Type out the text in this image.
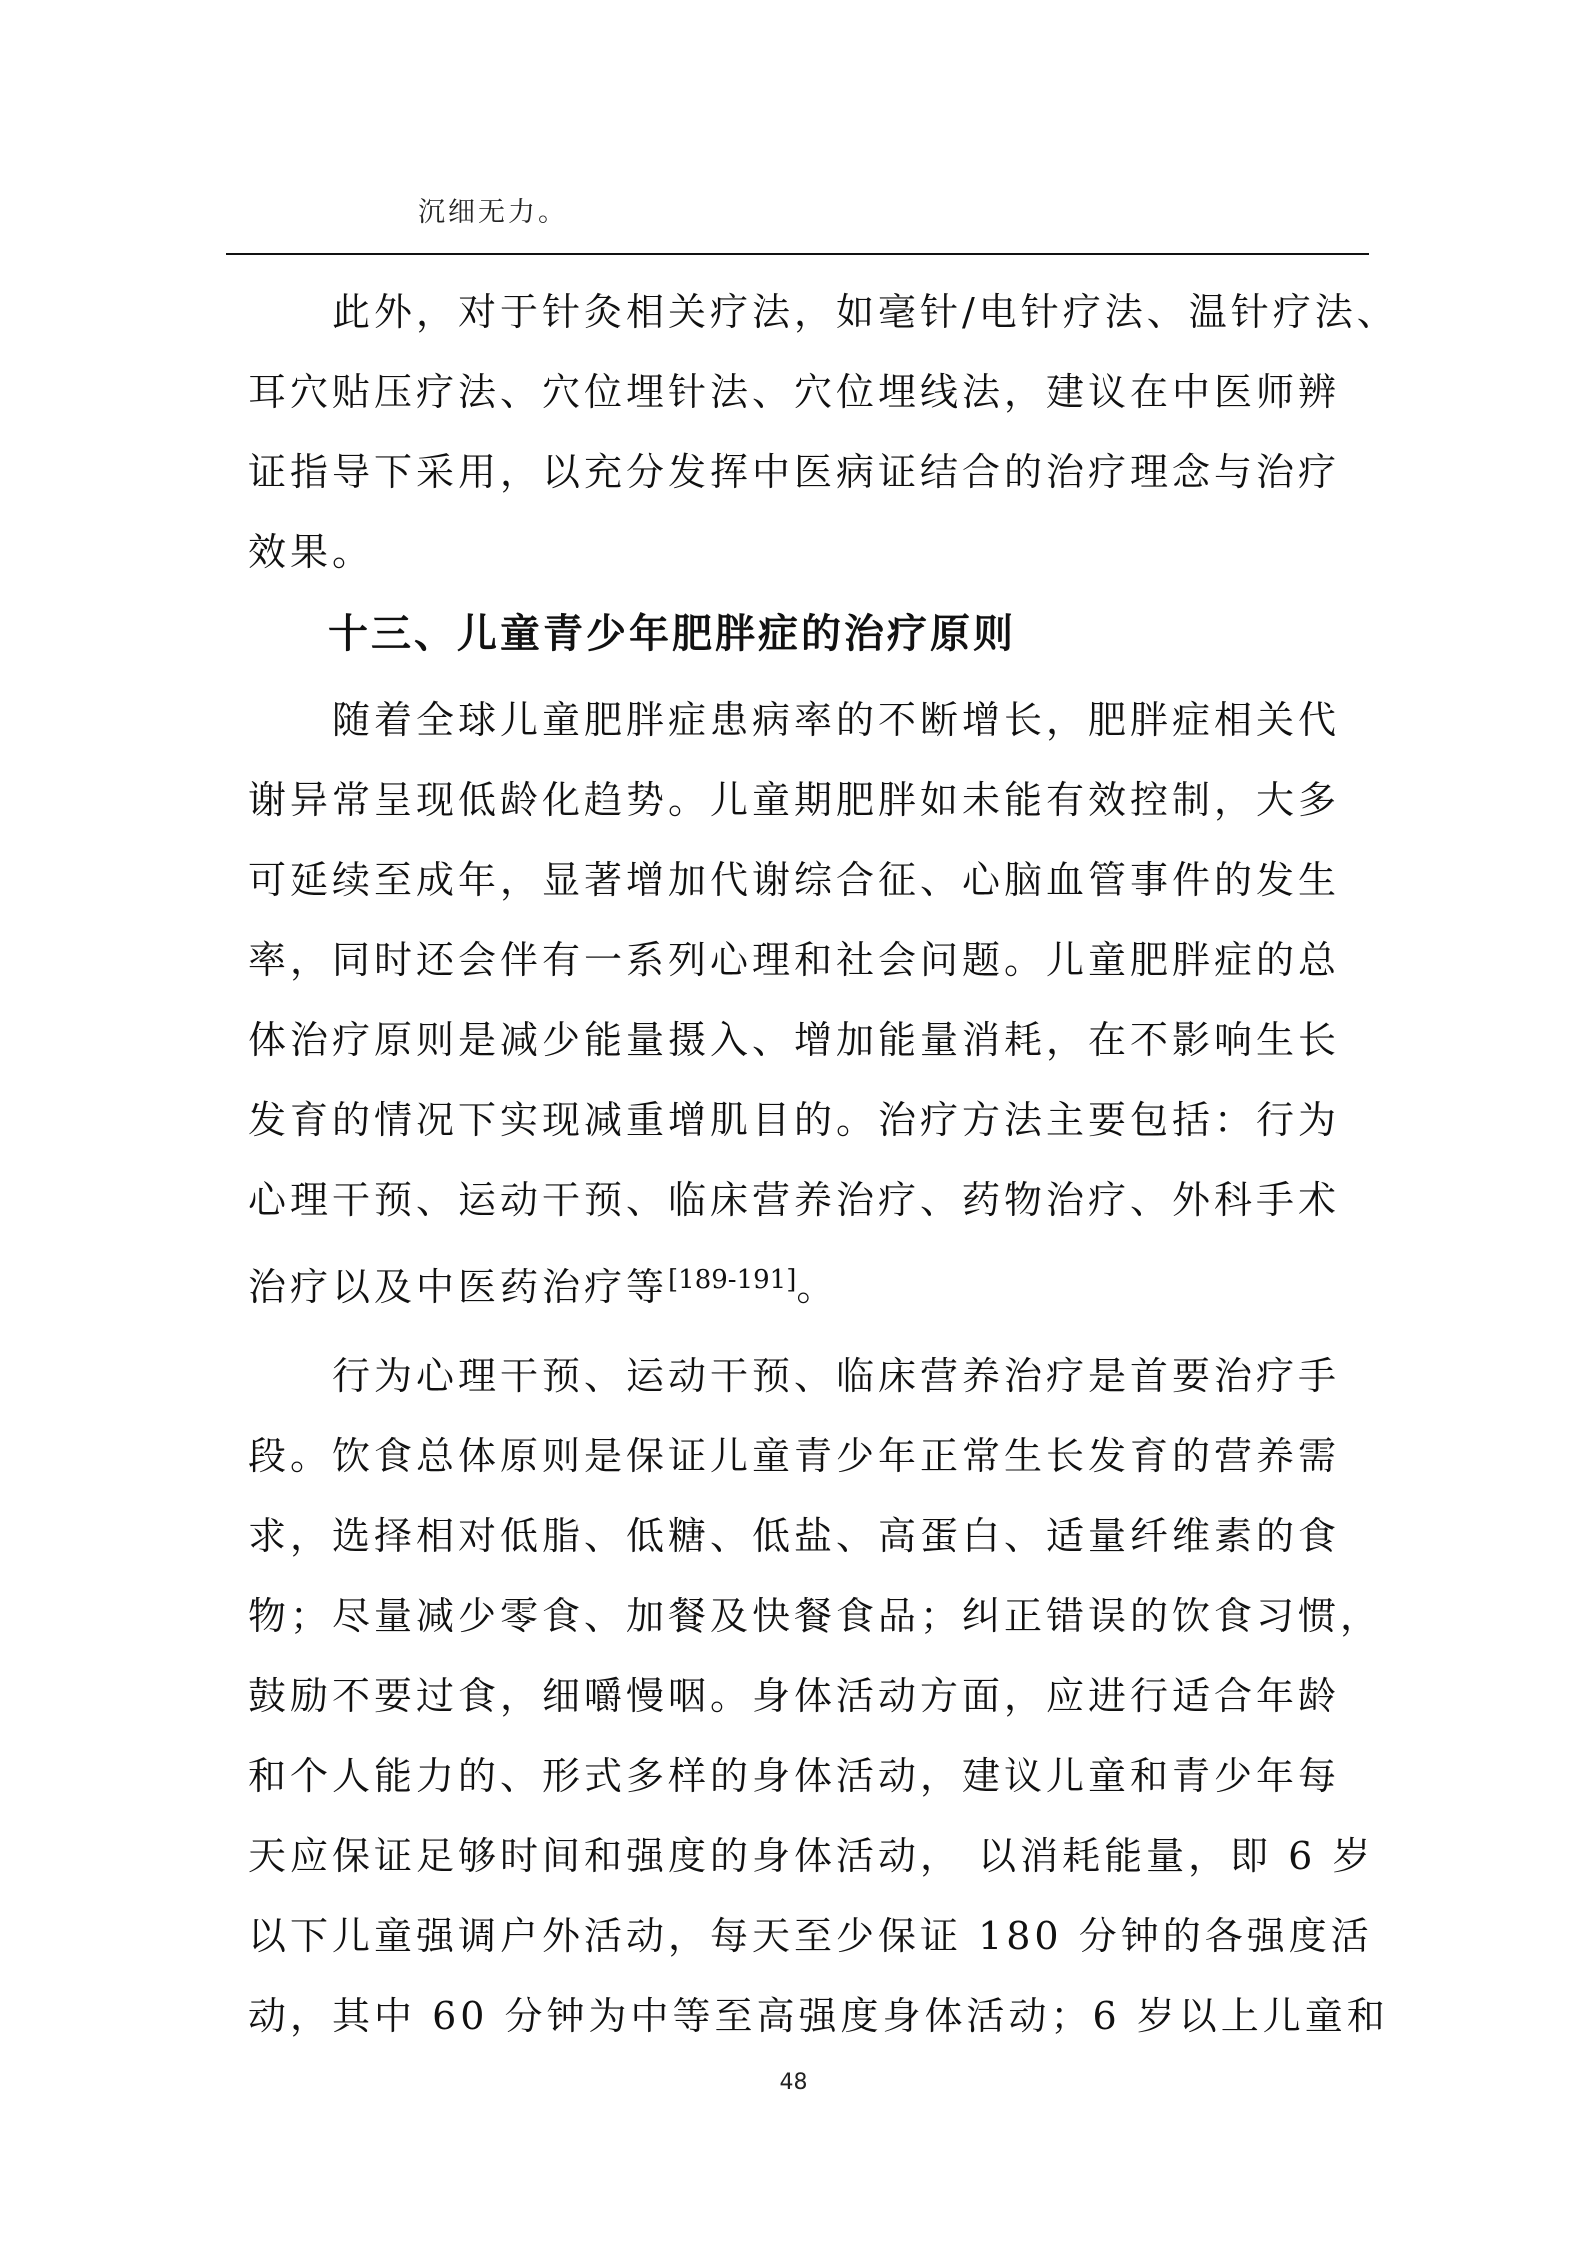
沉细无力。
此外，对于针灸相关疗法，如毫针/电针疗法、温针疗法、
耳穴贴压疗法、穴位埋针法、穴位埋线法，建议在中医师辨
证指导下采用，以充分发挥中医病证结合的治疗理念与治疗
效果。
十三、儿童青少年肥胖症的治疗原则
随着全球儿童肥胖症患病率的不断增长，肥胖症相关代
谢异常呈现低龄化趋势。儿童期肥胖如未能有效控制，大多
可延续至成年，显著增加代谢综合征、心脑血管事件的发生
率，同时还会伴有一系列心理和社会问题。儿童肥胖症的总
体治疗原则是减少能量摄入、增加能量消耗，在不影响生长
发育的情况下实现减重增肌目的。治疗方法主要包括：行为
心理干预、运动干预、临床营养治疗、药物治疗、外科手术
治疗以及中医药治疗等[189-191]。
行为心理干预、运动干预、临床营养治疗是首要治疗手
段。饮食总体原则是保证儿童青少年正常生长发育的营养需
求，选择相对低脂、低糖、低盐、高蛋白、适量纤维素的食
物；尽量减少零食、加餐及快餐食品；纠正错误的饮食习惯，
鼓励不要过食，细嚼慢咽。身体活动方面，应进行适合年龄
和个人能力的、形式多样的身体活动，建议儿童和青少年每
天应保证足够时间和强度的身体活动， 以消耗能量，即 6 岁
以下儿童强调户外活动，每天至少保证 180 分钟的各强度活
动，其中 60 分钟为中等至高强度身体活动；6 岁以上儿童和
48
